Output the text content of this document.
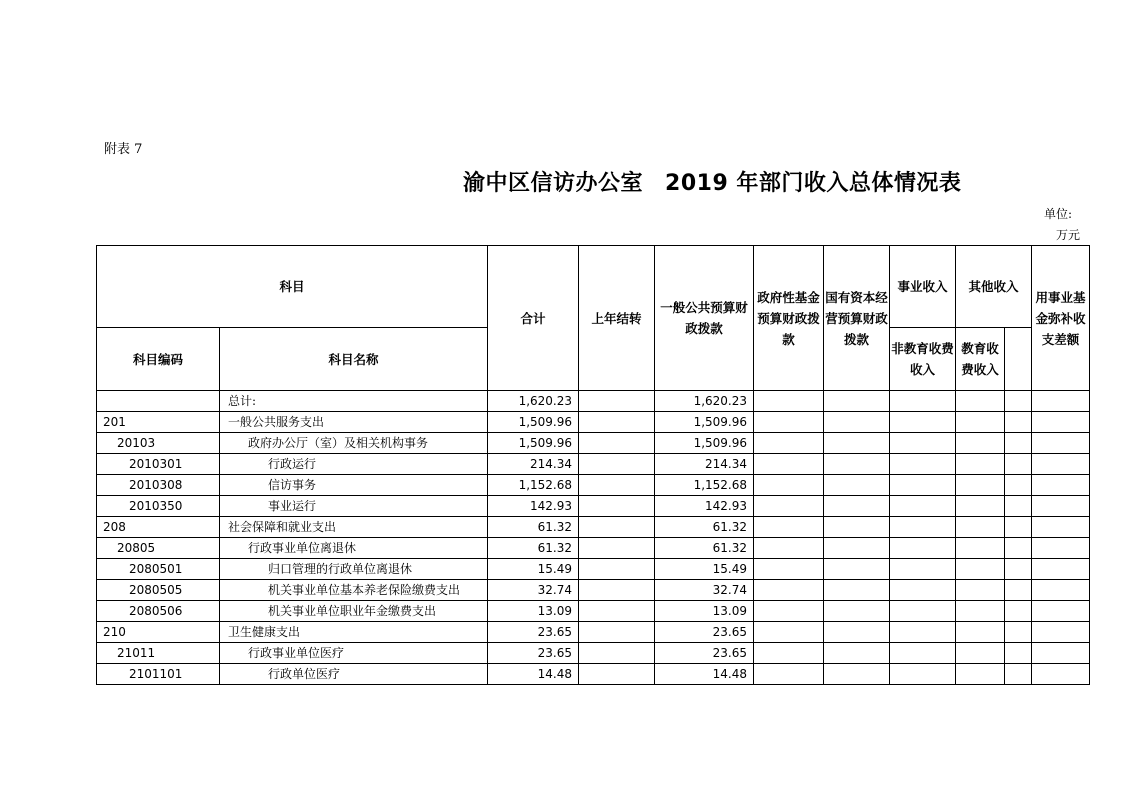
附表 7
渝中区信访办公室 2019 年部门收入总体情况表
单位:
万元
科目		合计	上年结转	一般公共预算财政拨款	政府性基金预算财政拨款	国有资本经营预算财政拨款	事业收入	其他收入		用事业基金弥补收支差额
科目编码	科目名称						非教育收费收入	教育收费收入		
	总计:	1,620.23		1,620.23						
201	一般公共服务支出	1,509.96		1,509.96						
20103	政府办公厅（室）及相关机构事务	1,509.96		1,509.96						
2010301	行政运行	214.34		214.34						
2010308	信访事务	1,152.68		1,152.68						
2010350	事业运行	142.93		142.93						
208	社会保障和就业支出	61.32		61.32						
20805	行政事业单位离退休	61.32		61.32						
2080501	归口管理的行政单位离退休	15.49		15.49						
2080505	机关事业单位基本养老保险缴费支出	32.74		32.74						
2080506	机关事业单位职业年金缴费支出	13.09		13.09						
210	卫生健康支出	23.65		23.65						
21011	行政事业单位医疗	23.65		23.65						
2101101	行政单位医疗	14.48		14.48						
